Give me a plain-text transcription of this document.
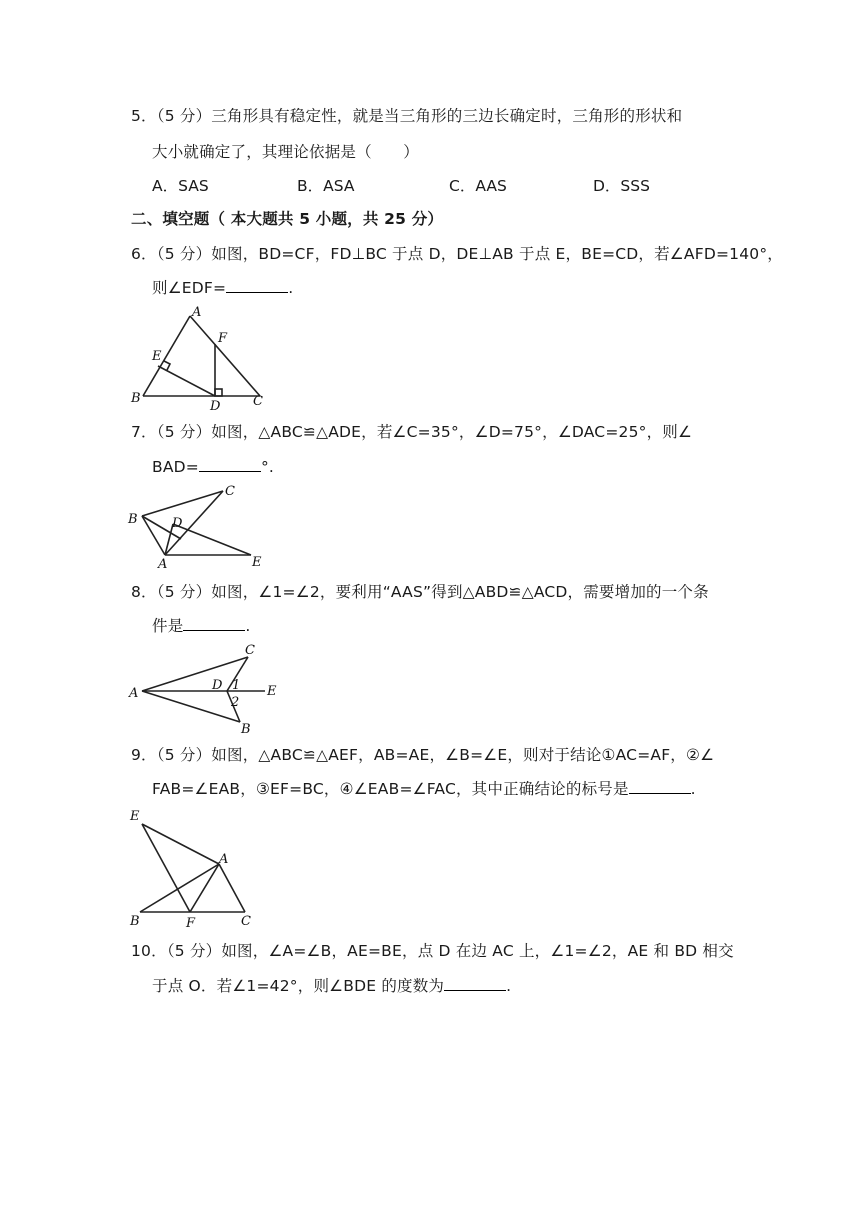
5．（5 分）三角形具有稳定性，就是当三角形的三边长确定时，三角形的形状和
大小就确定了，其理论依据是（　　）
A．SAS	B．ASA	C．AAS	D．SSS
二、填空题（ 本大题共 5 小题，共 25 分）
6．（5 分）如图，BD=CF，FD⊥BC 于点 D，DE⊥AB 于点 E，BE=CD，若∠AFD=140°，
则∠EDF=	.
A
B	C
D
E
F
7．（5 分）如图，△ABC≌△ADE，若∠C=35°，∠D=75°，∠DAC=25°，则∠
BAD=	°.
C
B	D
A	E
8．（5 分）如图，∠1=∠2，要利用“AAS”得到△ABD≌△ACD，需要增加的一个条
件是	.
C
A
D 1
2
E
B
9．（5 分）如图，△ABC≌△AEF，AB=AE，∠B=∠E，则对于结论①AC=AF，②∠
FAB=∠EAB，③EF=BC，④∠EAB=∠FAC，其中正确结论的标号是	.
E
A
B	F	C
10．（5 分）如图，∠A=∠B，AE=BE，点 D 在边 AC 上，∠1=∠2，AE 和 BD 相交
于点 O．若∠1=42°，则∠BDE 的度数为	.
